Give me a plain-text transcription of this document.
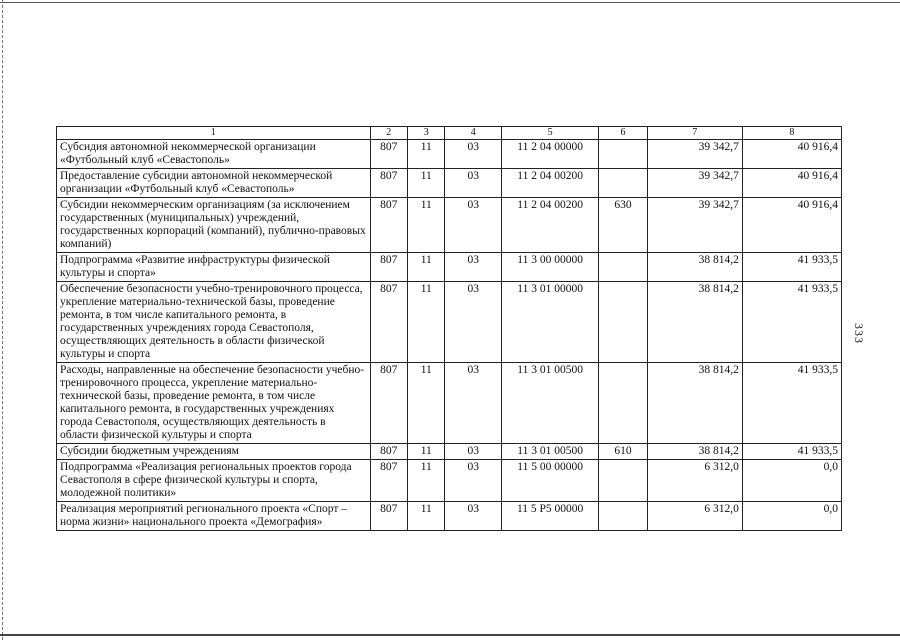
333
1	2	3	4	5	6	7	8
Субсидия автономной некоммерческой организации «Футбольный клуб «Севастополь»	807	11	03	11 2 04 00000		39 342,7	40 916,4
Предоставление субсидии автономной некоммерческой организации «Футбольный клуб «Севастополь»	807	11	03	11 2 04 00200		39 342,7	40 916,4
Субсидии некоммерческим организациям (за исключением государственных (муниципальных) учреждений, государственных корпораций (компаний), публично-правовых компаний)	807	11	03	11 2 04 00200	630	39 342,7	40 916,4
Подпрограмма «Развитие инфраструктуры физической культуры и спорта»	807	11	03	11 3 00 00000		38 814,2	41 933,5
Обеспечение безопасности учебно-тренировочного процесса, укрепление материально-технической базы, проведение ремонта, в том числе капитального ремонта, в государственных учреждениях города Севастополя, осуществляющих деятельность в области физической культуры и спорта	807	11	03	11 3 01 00000		38 814,2	41 933,5
Расходы, направленные на обеспечение безопасности учебно-тренировочного процесса, укрепление материально-технической базы, проведение ремонта, в том числе капитального ремонта, в государственных учреждениях города Севастополя, осуществляющих деятельность в области физической культуры и спорта	807	11	03	11 3 01 00500		38 814,2	41 933,5
Субсидии бюджетным учреждениям	807	11	03	11 3 01 00500	610	38 814,2	41 933,5
Подпрограмма «Реализация региональных проектов города Севастополя в сфере физической культуры и спорта, молодежной политики»	807	11	03	11 5 00 00000		6 312,0	0,0
Реализация мероприятий регионального проекта «Спорт – норма жизни» национального проекта «Демография»	807	11	03	11 5 P5 00000		6 312,0	0,0
